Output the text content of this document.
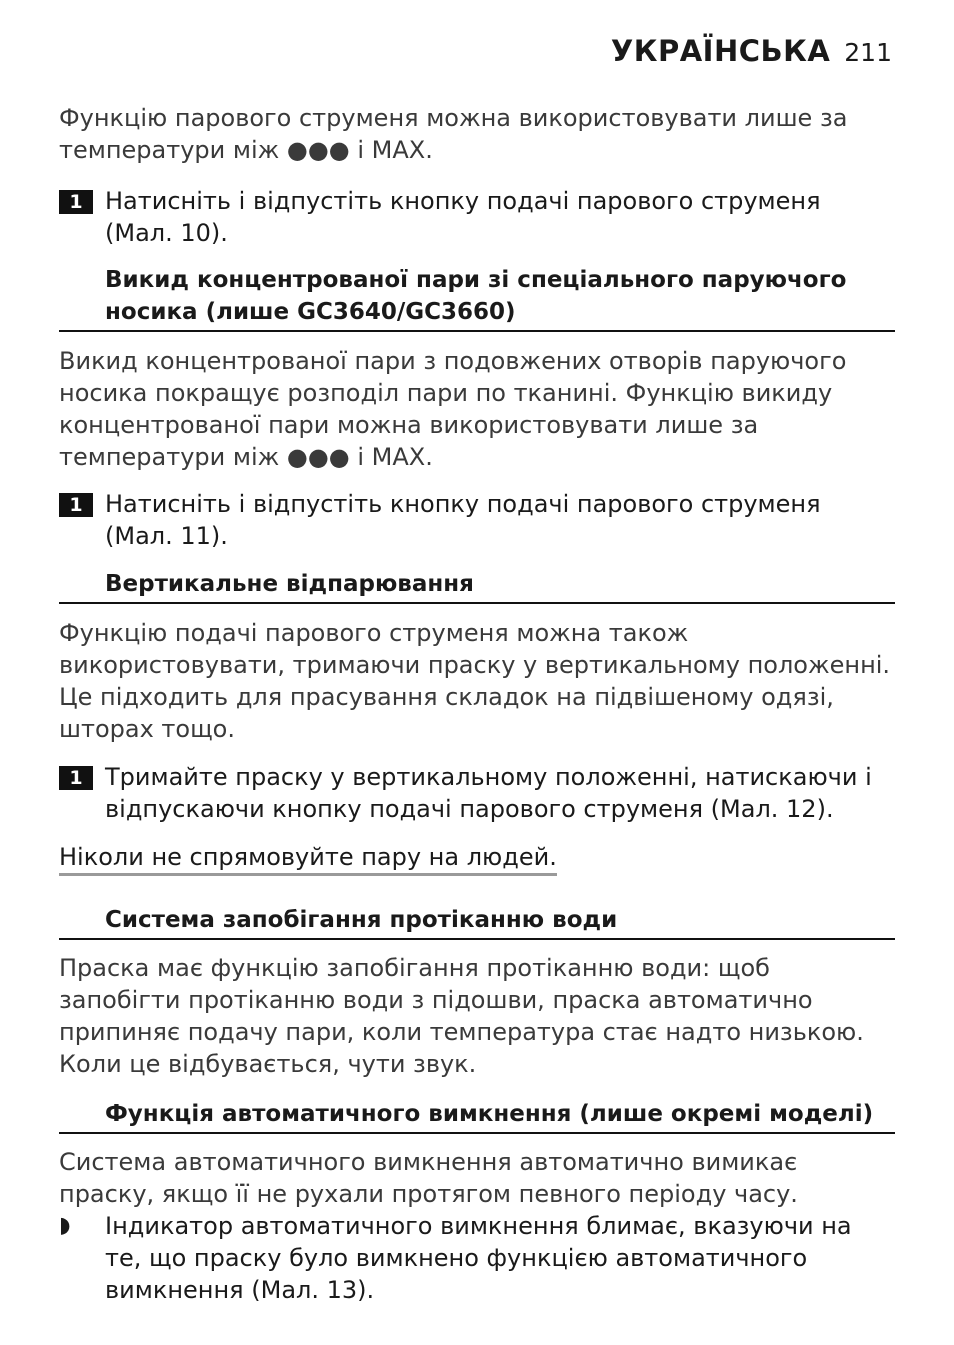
УКРАЇНСЬКА 211

Функцію парового струменя можна використовувати лише за температури між ●●● і MAX.

1 Натисніть і відпустіть кнопку подачі парового струменя (Мал. 10).
Викид концентрованої пари зі спеціального паруючого носика (лише GC3640/GC3660)

Викид концентрованої пари з подовжених отворів паруючого носика покращує розподіл пари по тканині. Функцію викиду концентрованої пари можна використовувати лише за температури між ●●● і MAX.

1 Натисніть і відпустіть кнопку подачі парового струменя (Мал. 11).
Вертикальне відпарювання

Функцію подачі парового струменя можна також використовувати, тримаючи праску у вертикальному положенні. Це підходить для прасування складок на підвішеному одязі, шторах тощо.

1 Тримайте праску у вертикальному положенні, натискаючи і відпускаючи кнопку подачі парового струменя (Мал. 12).
Ніколи не спрямовуйте пару на людей.
Система запобігання протіканню води

Праска має функцію запобігання протіканню води: щоб запобігти протіканню води з підошви, праска автоматично припиняє подачу пари, коли температура стає надто низькою. Коли це відбувається, чути звук.

Функція автоматичного вимкнення (лише окремі моделі)

Система автоматичного вимкнення автоматично вимикає праску, якщо її не рухали протягом певного періоду часу.

◗ Індикатор автоматичного вимкнення блимає, вказуючи на те, що праску було вимкнено функцією автоматичного вимкнення (Мал. 13).
